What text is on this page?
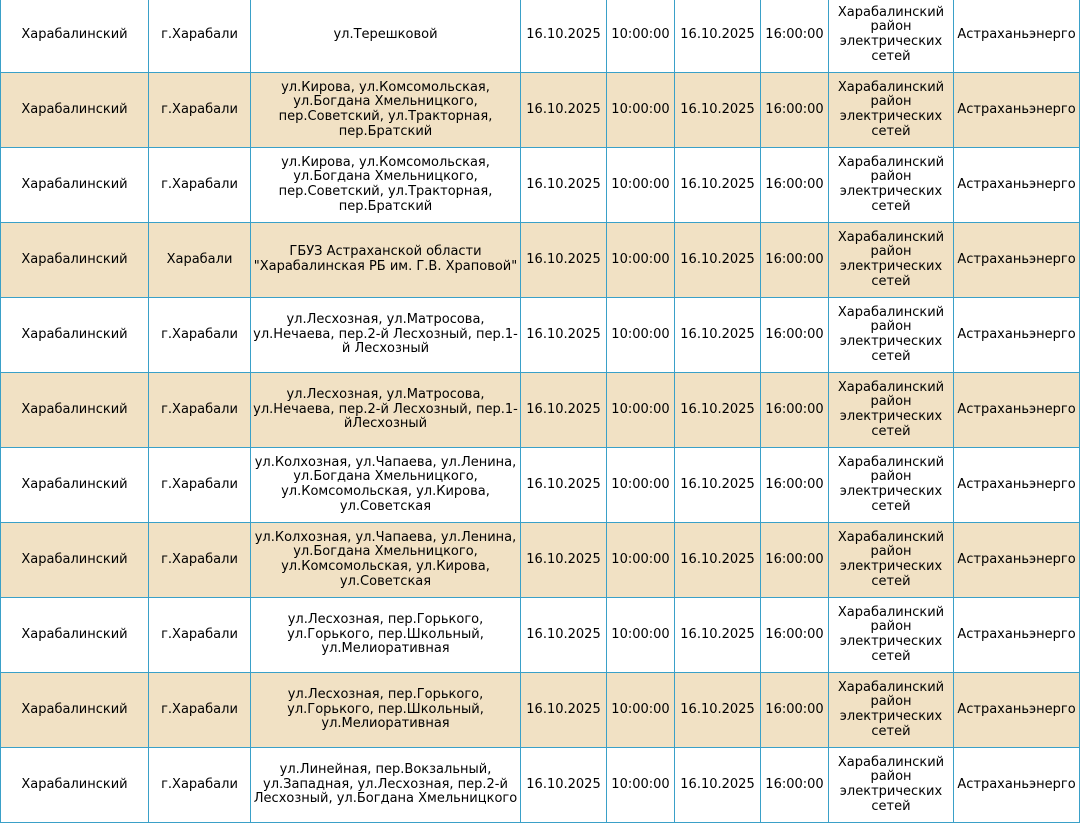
Харабалинский	г.Харабали	ул.Терешковой	16.10.2025	10:00:00	16.10.2025	16:00:00	Харабалинский район электрических сетей	Астраханьэнерго
Харабалинский	г.Харабали	ул.Кирова, ул.Комсомольская, ул.Богдана Хмельницкого, пер.Советский, ул.Тракторная, пер.Братский	16.10.2025	10:00:00	16.10.2025	16:00:00	Харабалинский район электрических сетей	Астраханьэнерго
Харабалинский	г.Харабали	ул.Кирова, ул.Комсомольская, ул.Богдана Хмельницкого, пер.Советский, ул.Тракторная, пер.Братский	16.10.2025	10:00:00	16.10.2025	16:00:00	Харабалинский район электрических сетей	Астраханьэнерго
Харабалинский	Харабали	ГБУЗ Астраханской области "Харабалинская РБ им. Г.В. Храповой"	16.10.2025	10:00:00	16.10.2025	16:00:00	Харабалинский район электрических сетей	Астраханьэнерго
Харабалинский	г.Харабали	ул.Лесхозная, ул.Матросова, ул.Нечаева, пер.2-й Лесхозный, пер.1-й Лесхозный	16.10.2025	10:00:00	16.10.2025	16:00:00	Харабалинский район электрических сетей	Астраханьэнерго
Харабалинский	г.Харабали	ул.Лесхозная, ул.Матросова, ул.Нечаева, пер.2-й Лесхозный, пер.1-йЛесхозный	16.10.2025	10:00:00	16.10.2025	16:00:00	Харабалинский район электрических сетей	Астраханьэнерго
Харабалинский	г.Харабали	ул.Колхозная, ул.Чапаева, ул.Ленина, ул.Богдана Хмельницкого, ул.Комсомольская, ул.Кирова, ул.Советская	16.10.2025	10:00:00	16.10.2025	16:00:00	Харабалинский район электрических сетей	Астраханьэнерго
Харабалинский	г.Харабали	ул.Колхозная, ул.Чапаева, ул.Ленина, ул.Богдана Хмельницкого, ул.Комсомольская, ул.Кирова, ул.Советская	16.10.2025	10:00:00	16.10.2025	16:00:00	Харабалинский район электрических сетей	Астраханьэнерго
Харабалинский	г.Харабали	ул.Лесхозная, пер.Горького, ул.Горького, пер.Школьный, ул.Мелиоративная	16.10.2025	10:00:00	16.10.2025	16:00:00	Харабалинский район электрических сетей	Астраханьэнерго
Харабалинский	г.Харабали	ул.Лесхозная, пер.Горького, ул.Горького, пер.Школьный, ул.Мелиоративная	16.10.2025	10:00:00	16.10.2025	16:00:00	Харабалинский район электрических сетей	Астраханьэнерго
Харабалинский	г.Харабали	ул.Линейная, пер.Вокзальный, ул.Западная, ул.Лесхозная, пер.2-й Лесхозный, ул.Богдана Хмельницкого	16.10.2025	10:00:00	16.10.2025	16:00:00	Харабалинский район электрических сетей	Астраханьэнерго
